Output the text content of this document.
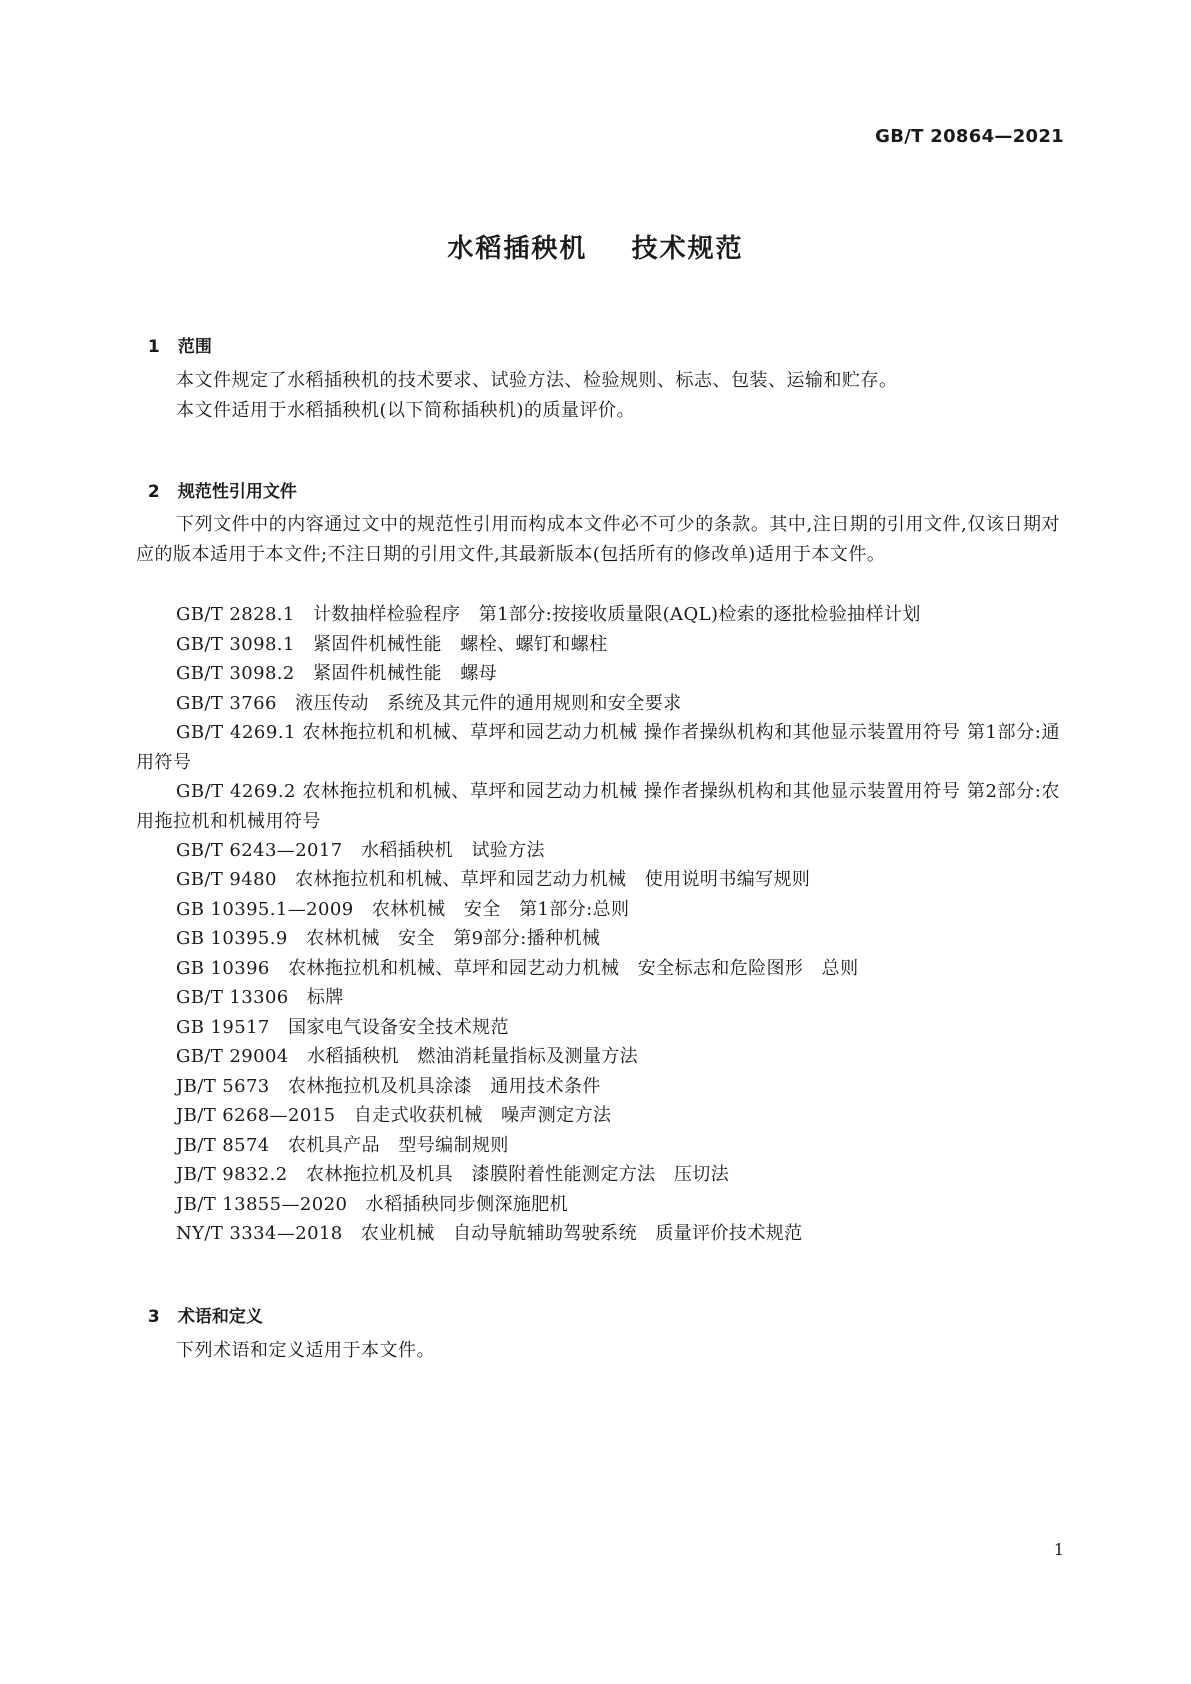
GB/T 20864—2021
水稻插秧机    技术规范

1 范围

本文件规定了水稻插秧机的技术要求、试验方法、检验规则、标志、包装、运输和贮存。
本文件适用于水稻插秧机(以下简称插秧机)的质量评价。

2 规范性引用文件

下列文件中的内容通过文中的规范性引用而构成本文件必不可少的条款。其中,注日期的引用文件,仅该日期对应的版本适用于本文件;不注日期的引用文件,其最新版本(包括所有的修改单)适用于本文件。
GB/T 2828.1   计数抽样检验程序   第1部分:按接收质量限(AQL)检索的逐批检验抽样计划
GB/T 3098.1   紧固件机械性能   螺栓、螺钉和螺柱
GB/T 3098.2   紧固件机械性能   螺母
GB/T 3766   液压传动   系统及其元件的通用规则和安全要求
GB/T 4269.1 农林拖拉机和机械、草坪和园艺动力机械 操作者操纵机构和其他显示装置用符号 第1部分:通用符号
GB/T 4269.2 农林拖拉机和机械、草坪和园艺动力机械 操作者操纵机构和其他显示装置用符号 第2部分:农用拖拉机和机械用符号
GB/T 6243—2017   水稻插秧机   试验方法
GB/T 9480   农林拖拉机和机械、草坪和园艺动力机械   使用说明书编写规则
GB 10395.1—2009   农林机械   安全   第1部分:总则
GB 10395.9   农林机械   安全   第9部分:播种机械
GB 10396   农林拖拉机和机械、草坪和园艺动力机械   安全标志和危险图形   总则
GB/T 13306   标牌
GB 19517   国家电气设备安全技术规范
GB/T 29004   水稻插秧机   燃油消耗量指标及测量方法
JB/T 5673   农林拖拉机及机具涂漆   通用技术条件
JB/T 6268—2015   自走式收获机械   噪声测定方法
JB/T 8574   农机具产品   型号编制规则
JB/T 9832.2   农林拖拉机及机具   漆膜附着性能测定方法   压切法
JB/T 13855—2020   水稻插秧同步侧深施肥机
NY/T 3334—2018   农业机械   自动导航辅助驾驶系统   质量评价技术规范

3 术语和定义

下列术语和定义适用于本文件。
1
